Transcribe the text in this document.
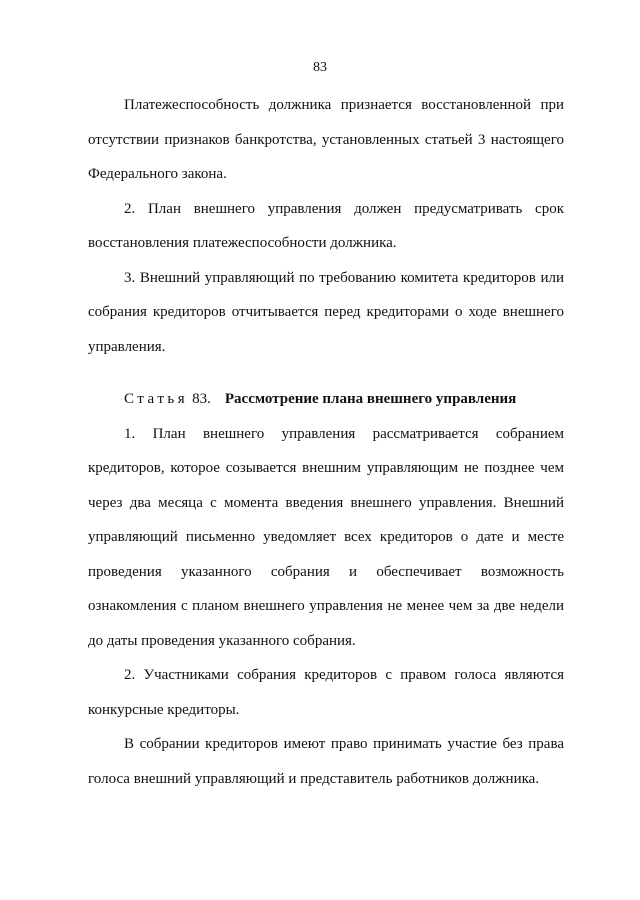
83

Платежеспособность должника признается восстановленной при отсутствии признаков банкротства, установленных статьей 3 настоящего Федерального закона.

2. План внешнего управления должен предусматривать срок восстановления платежеспособности должника.

3. Внешний управляющий по требованию комитета кредиторов или собрания кредиторов отчитывается перед кредиторами о ходе внешнего управления.

Статья 83. Рассмотрение плана внешнего управления

1. План внешнего управления рассматривается собранием кредиторов, которое созывается внешним управляющим не позднее чем через два месяца с момента введения внешнего управления. Внешний управляющий письменно уведомляет всех кредиторов о дате и месте проведения указанного собрания и обеспечивает возможность ознакомления с планом внешнего управления не менее чем за две недели до даты проведения указанного собрания.

2. Участниками собрания кредиторов с правом голоса являются конкурсные кредиторы.

В собрании кредиторов имеют право принимать участие без права голоса внешний управляющий и представитель работников должника.
